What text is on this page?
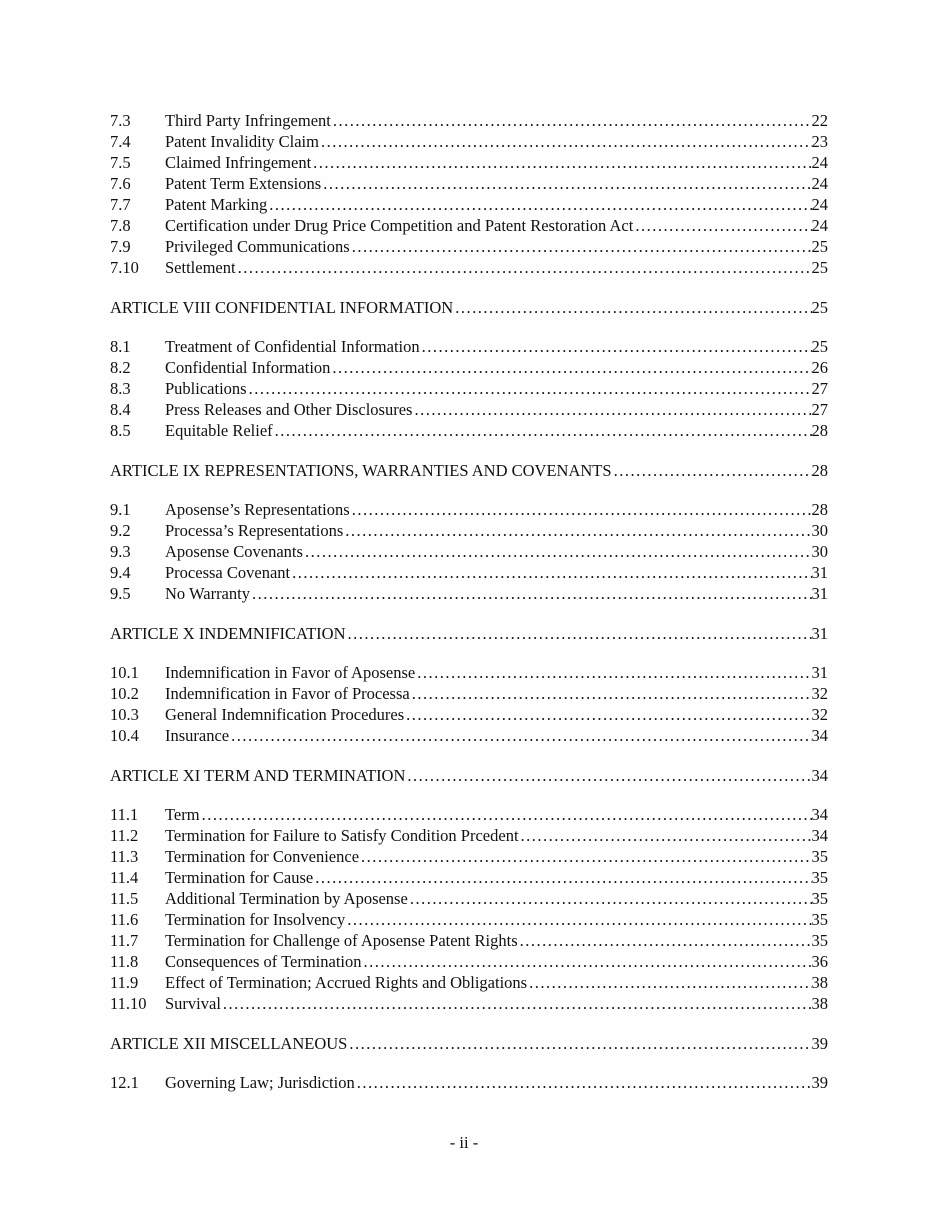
7.3	Third Party Infringement .....	22
7.4	Patent Invalidity Claim .....	23
7.5	Claimed Infringement .....	24
7.6	Patent Term Extensions .....	24
7.7	Patent Marking .....	24
7.8	Certification under Drug Price Competition and Patent Restoration Act .....	24
7.9	Privileged Communications .....	25
7.10	Settlement .....	25
ARTICLE VIII CONFIDENTIAL INFORMATION .....	25
8.1	Treatment of Confidential Information .....	25
8.2	Confidential Information .....	26
8.3	Publications .....	27
8.4	Press Releases and Other Disclosures .....	27
8.5	Equitable Relief .....	28
ARTICLE IX REPRESENTATIONS, WARRANTIES AND COVENANTS .....	28
9.1	Aposense’s Representations .....	28
9.2	Processa’s Representations .....	30
9.3	Aposense Covenants .....	30
9.4	Processa Covenant .....	31
9.5	No Warranty .....	31
ARTICLE X INDEMNIFICATION .....	31
10.1	Indemnification in Favor of Aposense .....	31
10.2	Indemnification in Favor of Processa .....	32
10.3	General Indemnification Procedures .....	32
10.4	Insurance .....	34
ARTICLE XI TERM AND TERMINATION .....	34
11.1	Term .....	34
11.2	Termination for Failure to Satisfy Condition Prcedent .....	34
11.3	Termination for Convenience .....	35
11.4	Termination for Cause .....	35
11.5	Additional Termination by Aposense .....	35
11.6	Termination for Insolvency .....	35
11.7	Termination for Challenge of Aposense Patent Rights .....	35
11.8	Consequences of Termination .....	36
11.9	Effect of Termination; Accrued Rights and Obligations .....	38
11.10	Survival .....	38
ARTICLE XII MISCELLANEOUS .....	39
12.1	Governing Law; Jurisdiction .....	39
- ii -
